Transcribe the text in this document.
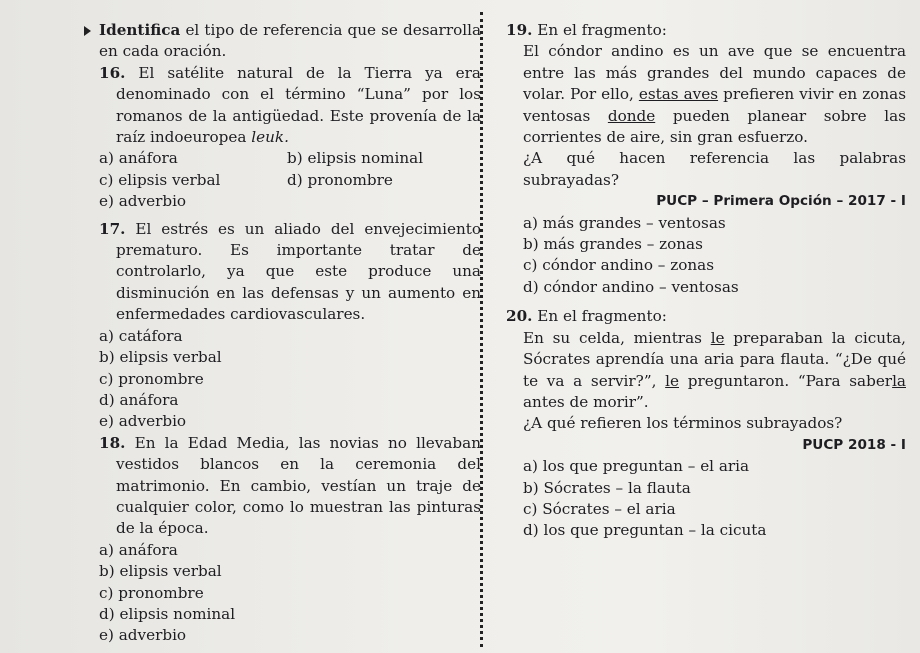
Identifica el tipo de referencia que se desarrolla en cada oración.

16. El satélite natural de la Tierra ya era denominado con el término “Luna” por los romanos de la antigüedad. Este provenía de la raíz indoeuropea leuk.

a) anáfora	b) elipsis nominal
c) elipsis verbal	d) pronombre
e) adverbio

17. El estrés es un aliado del envejecimiento prematuro. Es importante tratar de controlarlo, ya que este produce una disminución en las defensas y un aumento en enfermedades cardiovasculares.

a) catáfora
b) elipsis verbal
c) pronombre
d) anáfora
e) adverbio

18. En la Edad Media, las novias no llevaban vestidos blancos en la ceremonia del matrimonio. En cambio, vestían un traje de cualquier color, como lo muestran las pinturas de la época.

a) anáfora
b) elipsis verbal
c) pronombre
d) elipsis nominal
e) adverbio

19. En el fragmento:

El cóndor andino es un ave que se encuentra entre las más grandes del mundo capaces de volar. Por ello, estas aves prefieren vivir en zonas ventosas donde pueden planear sobre las corrientes de aire, sin gran esfuerzo.

¿A qué hacen referencia las palabras subrayadas?

PUCP – Primera Opción – 2017 - I

a) más grandes – ventosas
b) más grandes – zonas
c) cóndor andino – zonas
d) cóndor andino – ventosas

20. En el fragmento:

En su celda, mientras le preparaban la cicuta, Sócrates aprendía una aria para flauta. “¿De qué te va a servir?”, le preguntaron. “Para saberla antes de morir”.

¿A qué refieren los términos subrayados?

PUCP 2018 - I

a) los que preguntan – el aria
b) Sócrates – la flauta
c) Sócrates – el aria
d) los que preguntan – la cicuta
